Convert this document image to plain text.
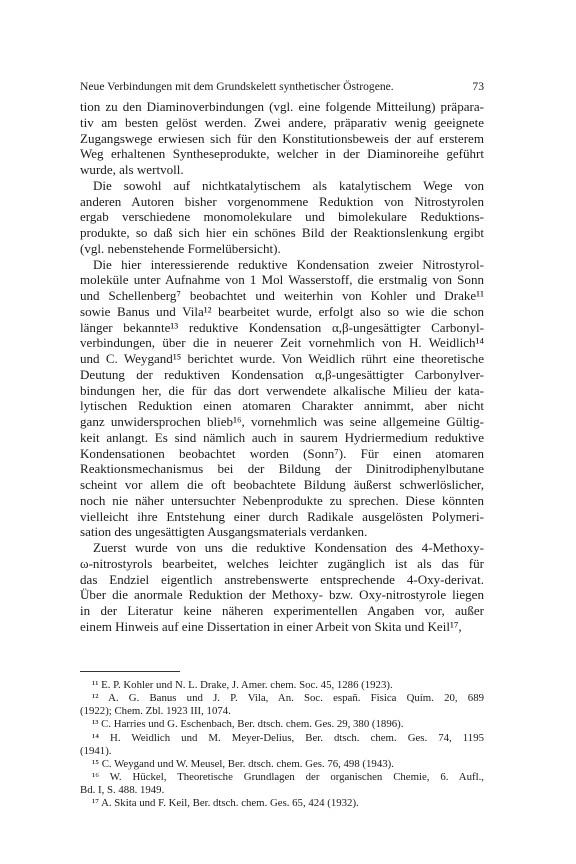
Neue Verbindungen mit dem Grundskelett synthetischer Östrogene.	73
tion zu den Diaminoverbindungen (vgl. eine folgende Mitteilung) präpara-
tiv am besten gelöst werden. Zwei andere, präparativ wenig geeignete
Zugangswege erwiesen sich für den Konstitutionsbeweis der auf ersterem
Weg erhaltenen Syntheseprodukte, welcher in der Diaminoreihe geführt
wurde, als wertvoll.
Die sowohl auf nichtkatalytischem als katalytischem Wege von
anderen Autoren bisher vorgenommene Reduktion von Nitrostyrolen
ergab verschiedene monomolekulare und bimolekulare Reduktions-
produkte, so daß sich hier ein schönes Bild der Reaktionslenkung ergibt
(vgl. nebenstehende Formelübersicht).
Die hier interessierende reduktive Kondensation zweier Nitrostyrol-
moleküle unter Aufnahme von 1 Mol Wasserstoff, die erstmalig von Sonn
und Schellenberg⁷ beobachtet und weiterhin von Kohler und Drake¹¹
sowie Banus und Vila¹² bearbeitet wurde, erfolgt also so wie die schon
länger bekannte¹³ reduktive Kondensation α,β-ungesättigter Carbonyl-
verbindungen, über die in neuerer Zeit vornehmlich von H. Weidlich¹⁴
und C. Weygand¹⁵ berichtet wurde. Von Weidlich rührt eine theoretische
Deutung der reduktiven Kondensation α,β-ungesättigter Carbonylver-
bindungen her, die für das dort verwendete alkalische Milieu der kata-
lytischen Reduktion einen atomaren Charakter annimmt, aber nicht
ganz unwidersprochen blieb¹⁶, vornehmlich was seine allgemeine Gültig-
keit anlangt. Es sind nämlich auch in saurem Hydriermedium reduktive
Kondensationen beobachtet worden (Sonn⁷). Für einen atomaren
Reaktionsmechanismus bei der Bildung der Dinitrodiphenylbutane
scheint vor allem die oft beobachtete Bildung äußerst schwerlöslicher,
noch nie näher untersuchter Nebenprodukte zu sprechen. Diese könnten
vielleicht ihre Entstehung einer durch Radikale ausgelösten Polymeri-
sation des ungesättigten Ausgangsmaterials verdanken.
Zuerst wurde von uns die reduktive Kondensation des 4-Methoxy-
ω-nitrostyrols bearbeitet, welches leichter zugänglich ist als das für
das Endziel eigentlich anstrebenswerte entsprechende 4-Oxy-derivat.
Über die anormale Reduktion der Methoxy- bzw. Oxy-nitrostyrole liegen
in der Literatur keine näheren experimentellen Angaben vor, außer
einem Hinweis auf eine Dissertation in einer Arbeit von Skita und Keil¹⁷,
¹¹ E. P. Kohler und N. L. Drake, J. Amer. chem. Soc. 45, 1286 (1923).
¹² A. G. Banus und J. P. Vila, An. Soc. españ. Fisica Quím. 20, 689
(1922); Chem. Zbl. 1923 III, 1074.
¹³ C. Harries und G. Eschenbach, Ber. dtsch. chem. Ges. 29, 380 (1896).
¹⁴ H. Weidlich und M. Meyer-Delius, Ber. dtsch. chem. Ges. 74, 1195
(1941).
¹⁵ C. Weygand und W. Meusel, Ber. dtsch. chem. Ges. 76, 498 (1943).
¹⁶ W. Hückel, Theoretische Grundlagen der organischen Chemie, 6. Aufl.,
Bd. I, S. 488. 1949.
¹⁷ A. Skita und F. Keil, Ber. dtsch. chem. Ges. 65, 424 (1932).
